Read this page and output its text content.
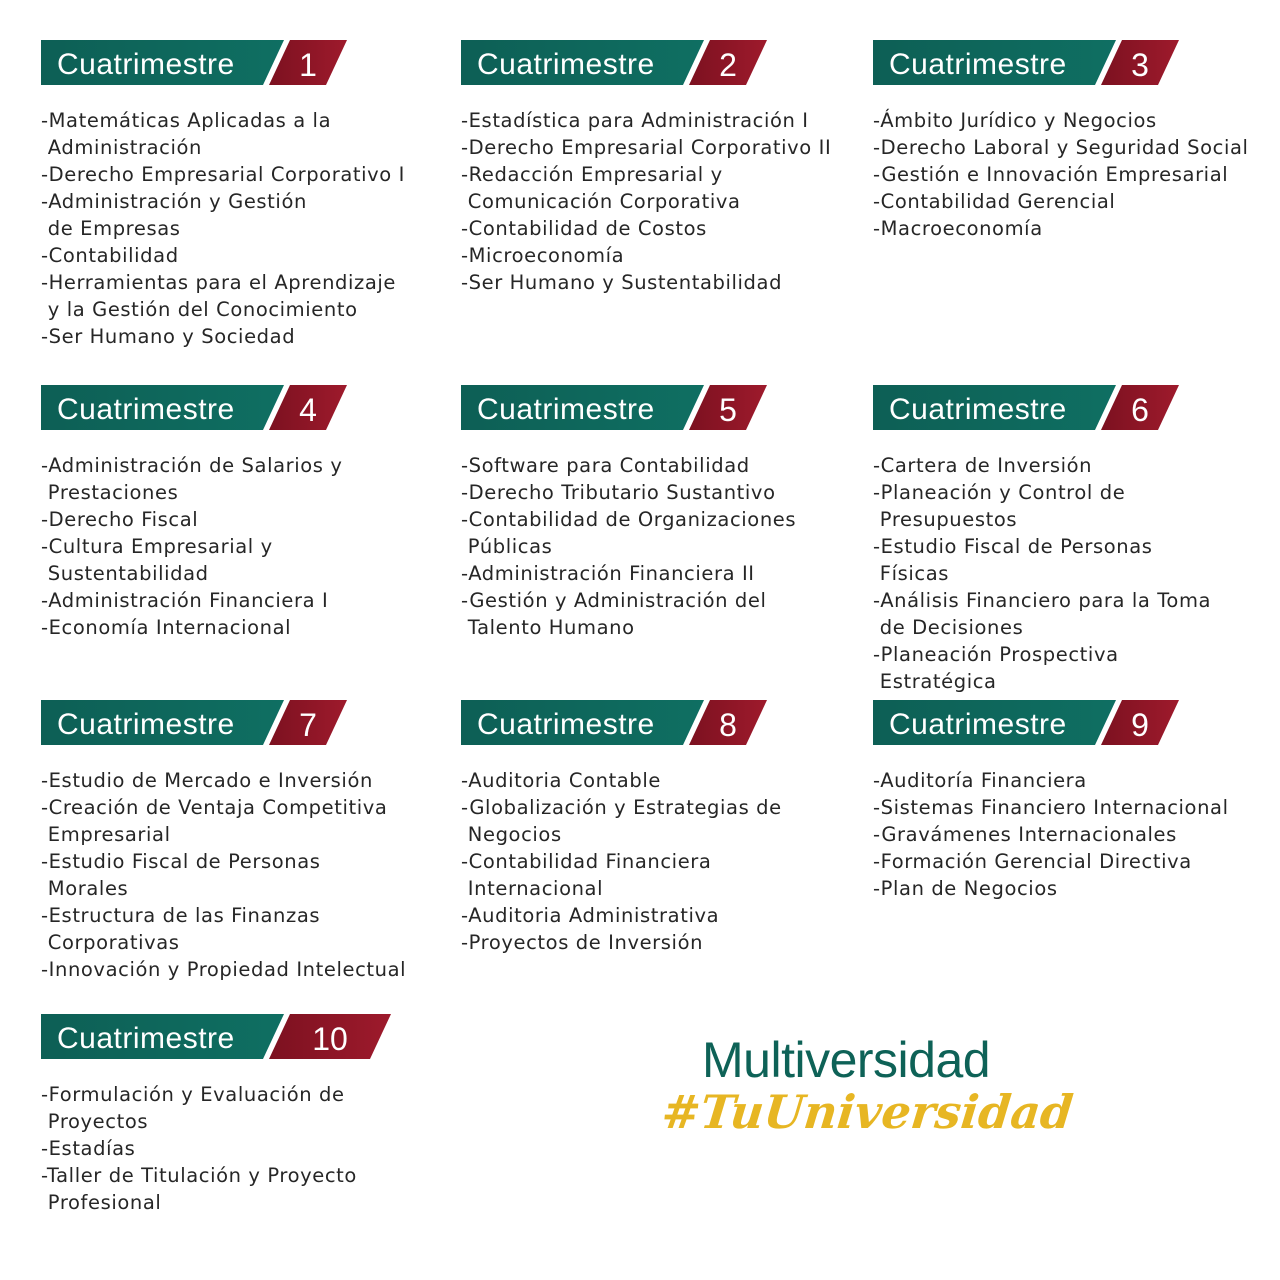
Cuatrimestre	1
-Matemáticas Aplicadas a la
Administración
-Derecho Empresarial Corporativo I
-Administración y Gestión
de Empresas
-Contabilidad
-Herramientas para el Aprendizaje
y la Gestión del Conocimiento
-Ser Humano y Sociedad
Cuatrimestre	2
-Estadística para Administración I
-Derecho Empresarial Corporativo II
-Redacción Empresarial y
Comunicación Corporativa
-Contabilidad de Costos
-Microeconomía
-Ser Humano y Sustentabilidad
Cuatrimestre	3
-Ámbito Jurídico y Negocios
-Derecho Laboral y Seguridad Social
-Gestión e Innovación Empresarial
-Contabilidad Gerencial
-Macroeconomía
Cuatrimestre	4
-Administración de Salarios y
Prestaciones
-Derecho Fiscal
-Cultura Empresarial y
Sustentabilidad
-Administración Financiera I
-Economía Internacional
Cuatrimestre	5
-Software para Contabilidad
-Derecho Tributario Sustantivo
-Contabilidad de Organizaciones
Públicas
-Administración Financiera II
-Gestión y Administración del
Talento Humano
Cuatrimestre	6
-Cartera de Inversión
-Planeación y Control de
Presupuestos
-Estudio Fiscal de Personas
Físicas
-Análisis Financiero para la Toma
de Decisiones
-Planeación Prospectiva
Estratégica
Cuatrimestre	7
-Estudio de Mercado e Inversión
-Creación de Ventaja Competitiva
Empresarial
-Estudio Fiscal de Personas
Morales
-Estructura de las Finanzas
Corporativas
-Innovación y Propiedad Intelectual
Cuatrimestre	8
-Auditoria Contable
-Globalización y Estrategias de
Negocios
-Contabilidad Financiera
Internacional
-Auditoria Administrativa
-Proyectos de Inversión
Cuatrimestre	9
-Auditoría Financiera
-Sistemas Financiero Internacional
-Gravámenes Internacionales
-Formación Gerencial Directiva
-Plan de Negocios
Cuatrimestre	10
-Formulación y Evaluación de
Proyectos
-Estadías
-Taller de Titulación y Proyecto
Profesional
Multiversidad
#TuUniversidad
